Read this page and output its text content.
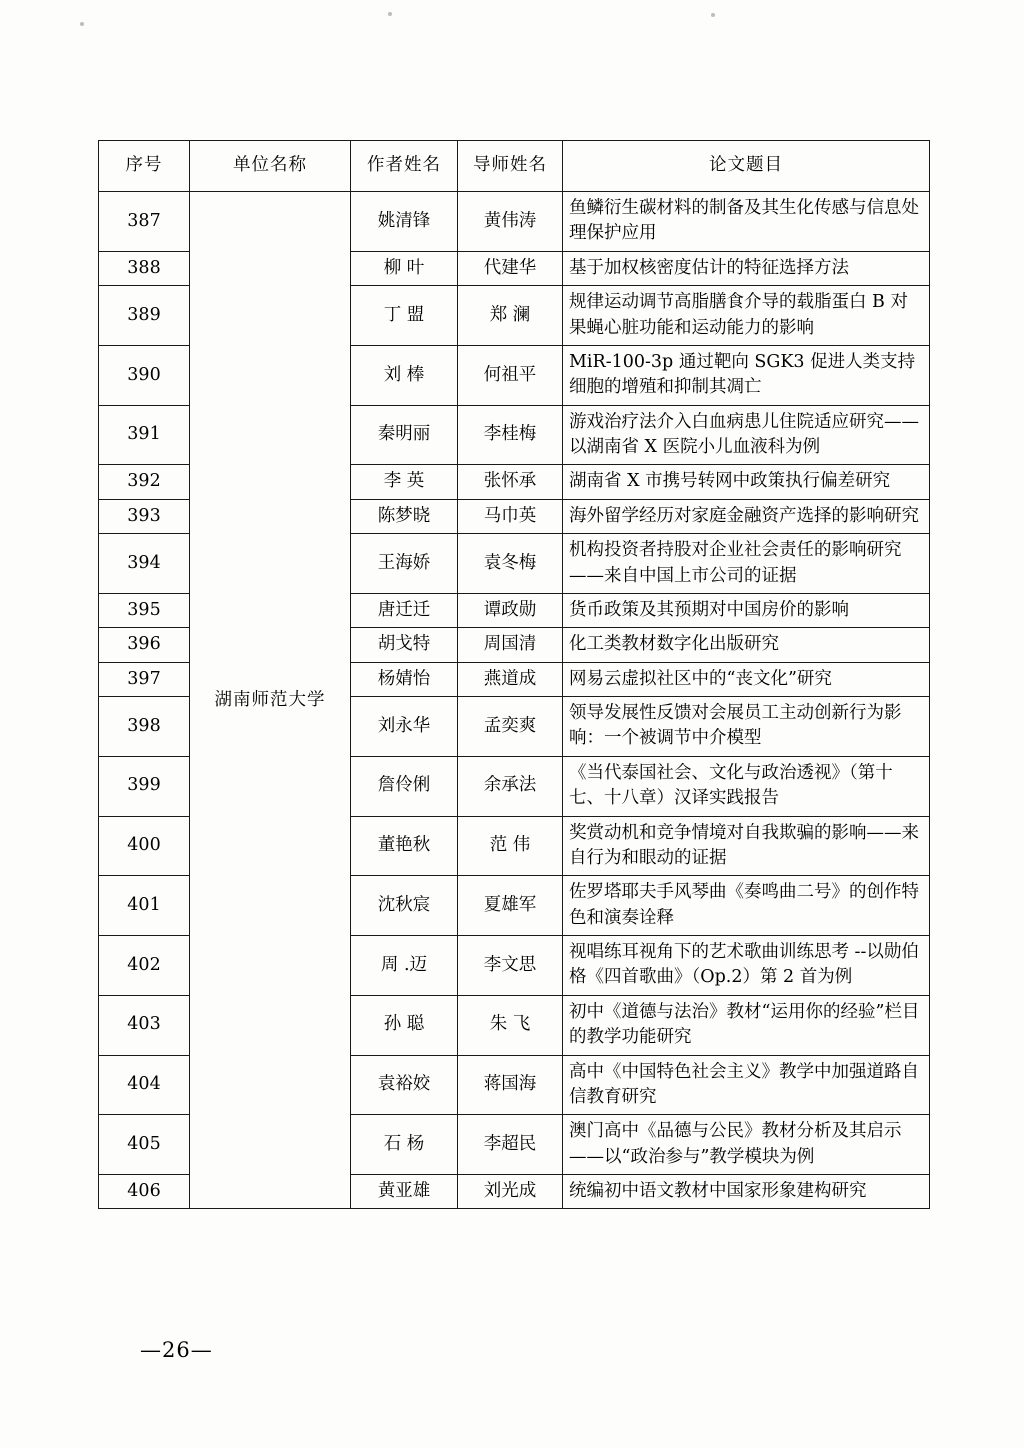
序号	单位名称	作者姓名	导师姓名	论文题目
387	湖南师范大学	姚清锋	黄伟涛	鱼鳞衍生碳材料的制备及其生化传感与信息处理保护应用
388		柳 叶	代建华	基于加权核密度估计的特征选择方法
389		丁 盟	郑 澜	规律运动调节高脂膳食介导的载脂蛋白 B 对果蝇心脏功能和运动能力的影响
390		刘 棒	何祖平	MiR-100-3p 通过靶向 SGK3 促进人类支持细胞的增殖和抑制其凋亡
391		秦明丽	李桂梅	游戏治疗法介入白血病患儿住院适应研究——以湖南省 X 医院小儿血液科为例
392		李 英	张怀承	湖南省 X 市携号转网中政策执行偏差研究
393		陈梦晓	马巾英	海外留学经历对家庭金融资产选择的影响研究
394		王海娇	袁冬梅	机构投资者持股对企业社会责任的影响研究——来自中国上市公司的证据
395		唐迁迁	谭政勋	货币政策及其预期对中国房价的影响
396		胡戈特	周国清	化工类教材数字化出版研究
397		杨婧怡	燕道成	网易云虚拟社区中的“丧文化”研究
398		刘永华	孟奕爽	领导发展性反馈对会展员工主动创新行为影响：一个被调节中介模型
399		詹伶俐	余承法	《当代泰国社会、文化与政治透视》（第十七、十八章）汉译实践报告
400		董艳秋	范 伟	奖赏动机和竞争情境对自我欺骗的影响——来自行为和眼动的证据
401		沈秋宸	夏雄军	佐罗塔耶夫手风琴曲《奏鸣曲二号》的创作特色和演奏诠释
402		周 .迈	李文思	视唱练耳视角下的艺术歌曲训练思考 --以勋伯格《四首歌曲》（Op.2）第 2 首为例
403		孙 聪	朱 飞	初中《道德与法治》教材“运用你的经验”栏目的教学功能研究
404		袁裕姣	蒋国海	高中《中国特色社会主义》教学中加强道路自信教育研究
405		石 杨	李超民	澳门高中《品德与公民》教材分析及其启示——以“政治参与”教学模块为例
406		黄亚雄	刘光成	统编初中语文教材中国家形象建构研究
—26—
